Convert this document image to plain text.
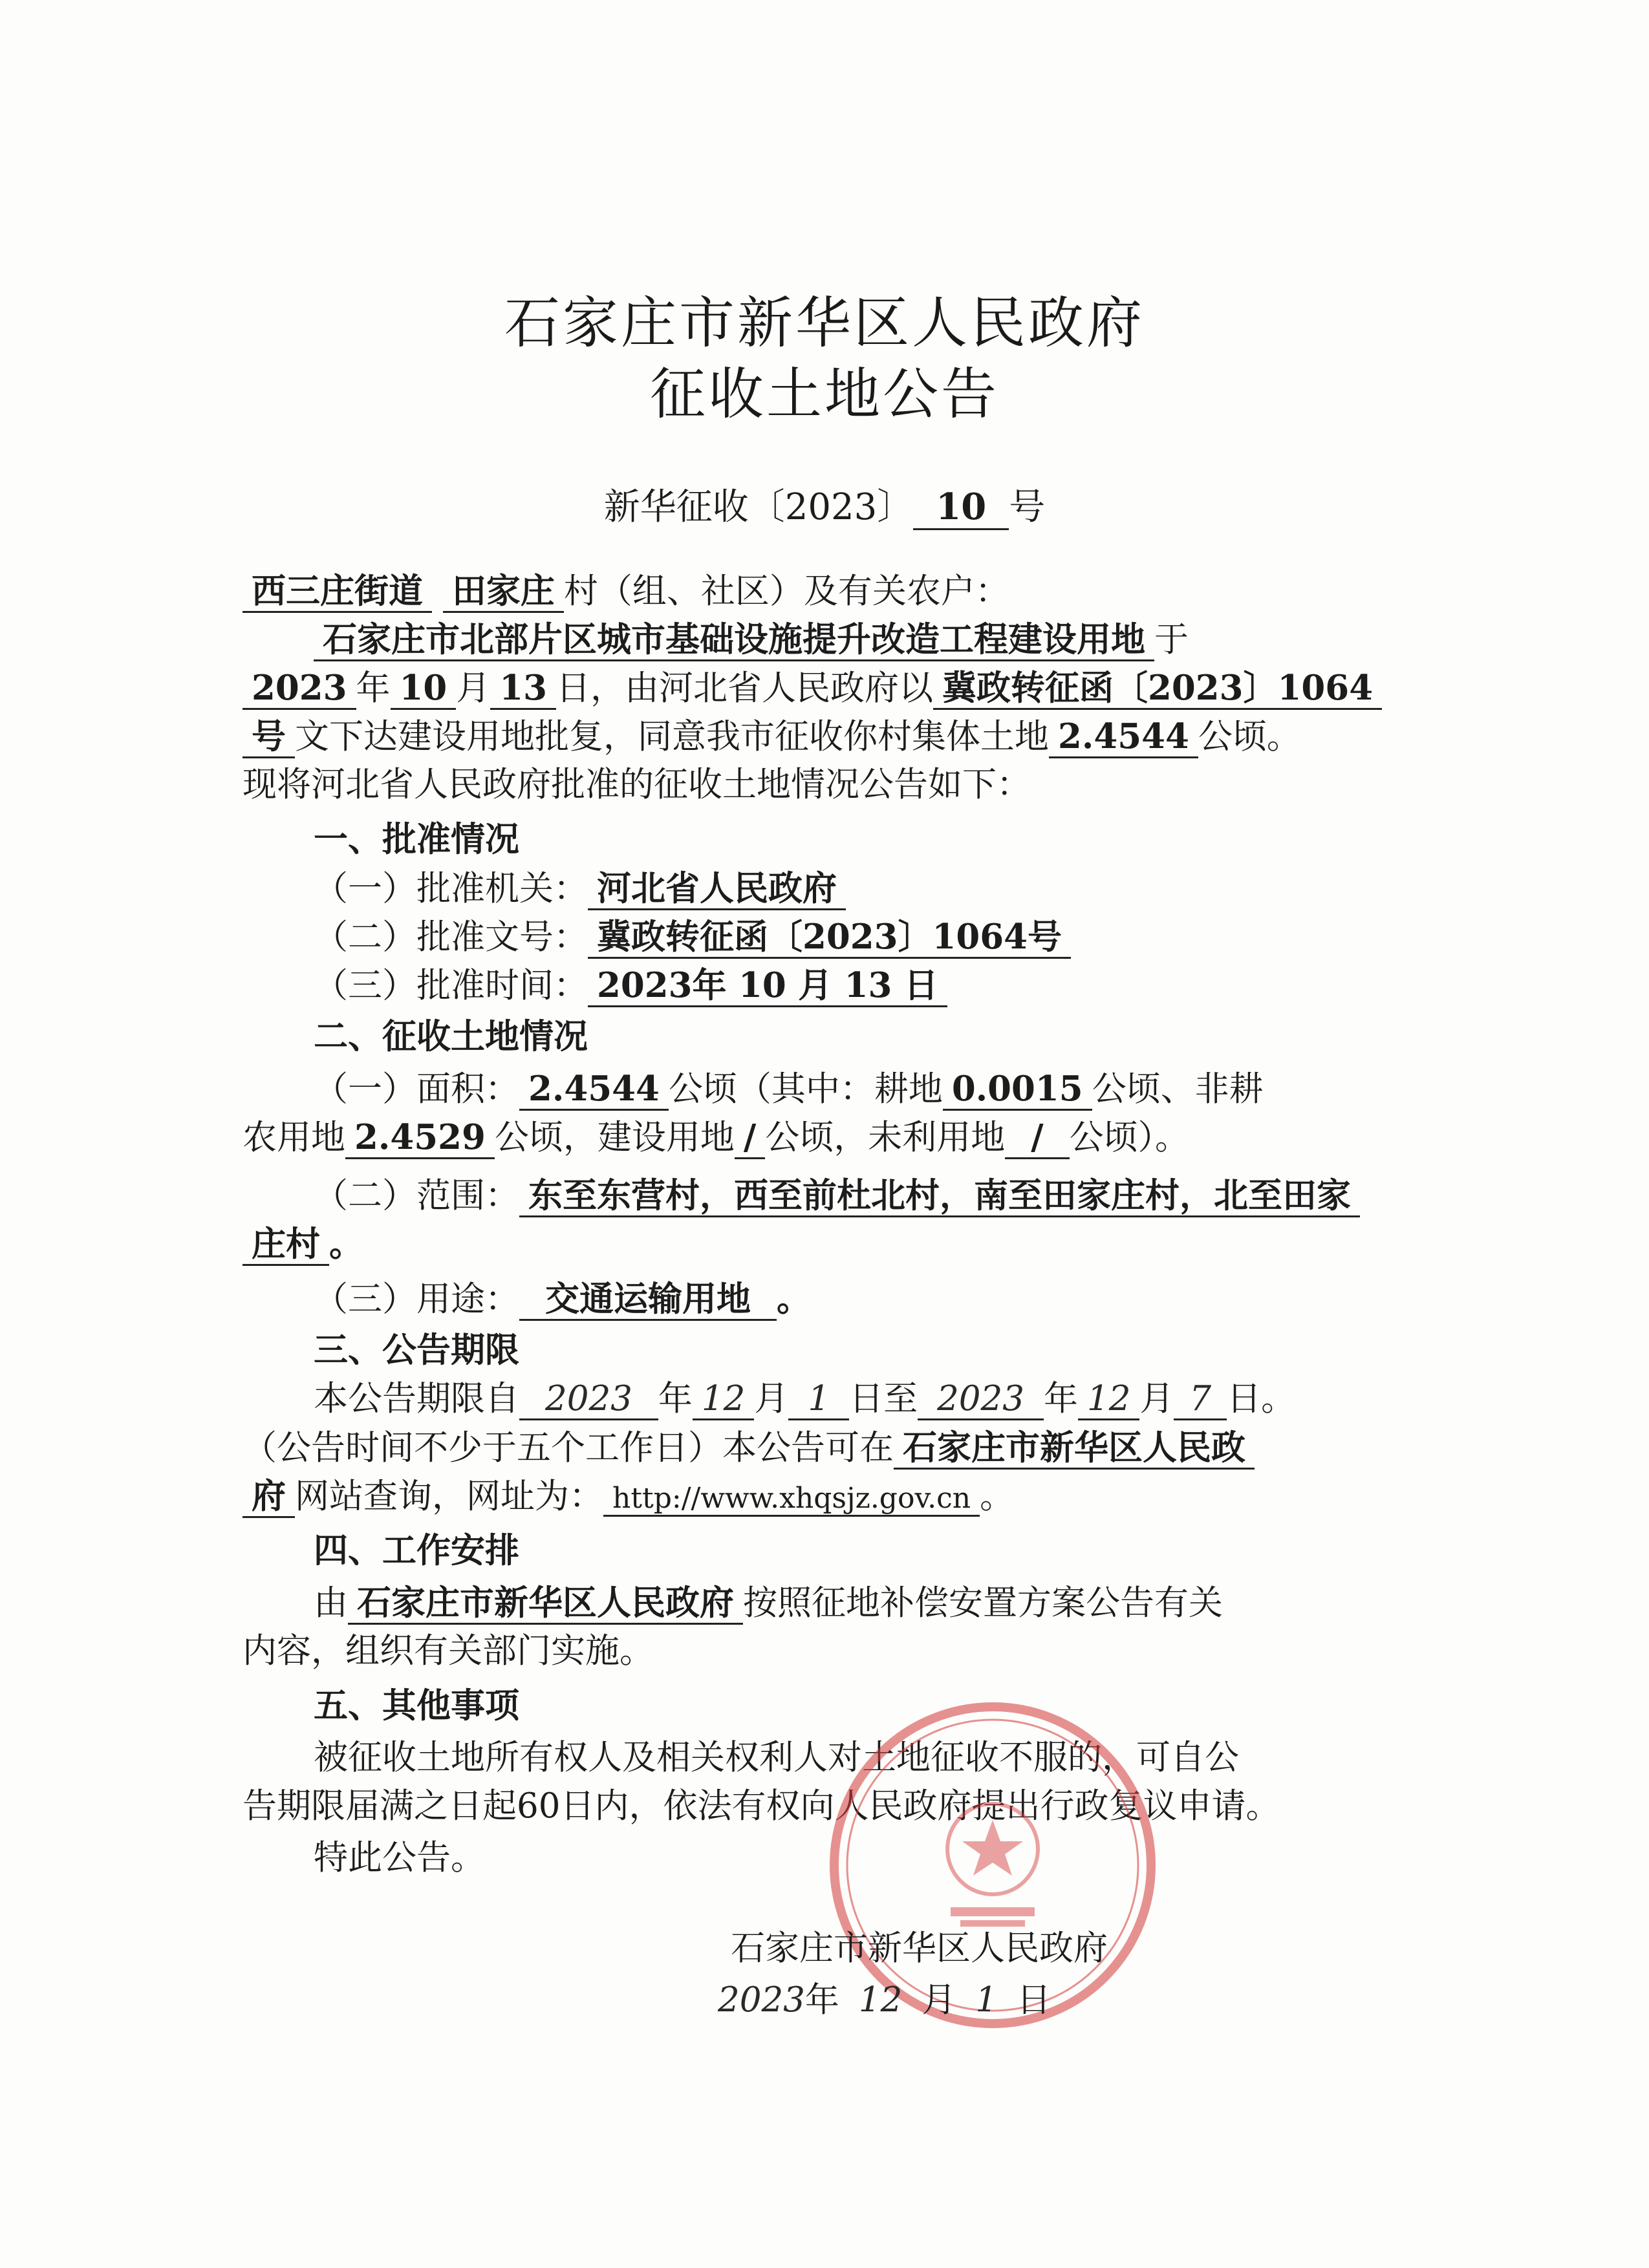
石家庄市新华区人民政府
征收土地公告
新华征收〔2023〕 10 号
西三庄街道 田家庄 村（组、社区）及有关农户：
石家庄市北部片区城市基础设施提升改造工程建设用地 于
2023 年 10 月 13 日，由河北省人民政府以 冀政转征函〔2023〕1064
号 文下达建设用地批复，同意我市征收你村集体土地 2.4544 公顷。
现将河北省人民政府批准的征收土地情况公告如下：
一、批准情况
（一）批准机关： 河北省人民政府
（二）批准文号： 冀政转征函〔2023〕1064号
（三）批准时间： 2023年 10 月 13 日
二、征收土地情况
（一）面积： 2.4544 公顷（其中：耕地 0.0015 公顷、非耕
农用地 2.4529 公顷，建设用地 / 公顷，未利用地 / 公顷）。
（二）范围： 东至东营村，西至前杜北村，南至田家庄村，北至田家
庄村 。
（三）用途： 交通运输用地 。
三、公告期限
本公告期限自 2023 年 12 月 1 日至 2023 年 12 月 7 日。
（公告时间不少于五个工作日）本公告可在 石家庄市新华区人民政
府 网站查询，网址为： http://www.xhqsjz.gov.cn 。
四、工作安排
由 石家庄市新华区人民政府 按照征地补偿安置方案公告有关
内容，组织有关部门实施。
五、其他事项
被征收土地所有权人及相关权利人对土地征收不服的，可自公
告期限届满之日起60日内，依法有权向人民政府提出行政复议申请。
特此公告。
石家庄市新华区人民政府
2023年 12 月 1 日
